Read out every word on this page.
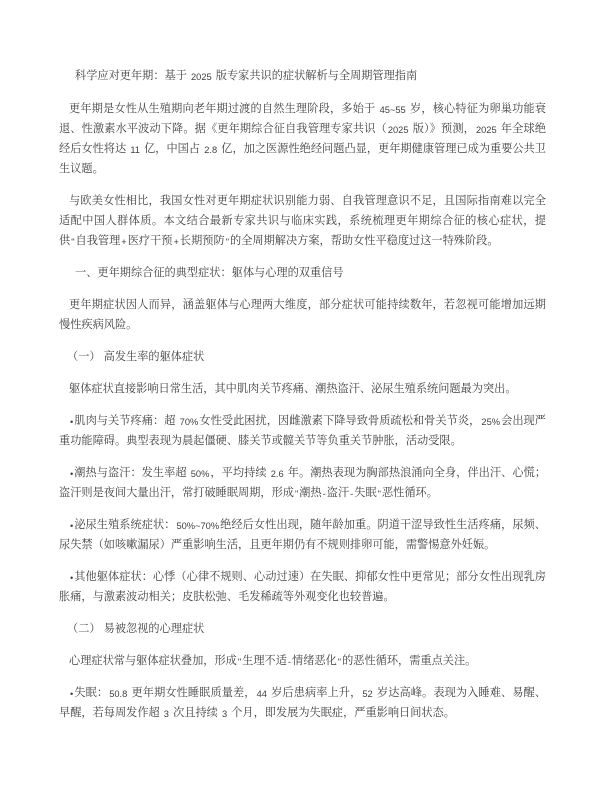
科学应对更年期：基于 2025 版专家共识的症状解析与全周期管理指南

更年期是女性从生殖期向老年期过渡的自然生理阶段，多始于 45~55 岁，核心特征为卵巢功能衰退、性激素水平波动下降。据《更年期综合征自我管理专家共识（2025 版）》预测，2025 年全球绝经后女性将达 11 亿，中国占 2.8 亿，加之医源性绝经问题凸显，更年期健康管理已成为重要公共卫生议题。

与欧美女性相比，我国女性对更年期症状识别能力弱、自我管理意识不足，且国际指南难以完全适配中国人群体质。本文结合最新专家共识与临床实践，系统梳理更年期综合征的核心症状，提供"自我管理+医疗干预+长期预防"的全周期解决方案，帮助女性平稳度过这一特殊阶段。

一、更年期综合征的典型症状：躯体与心理的双重信号

更年期症状因人而异，涵盖躯体与心理两大维度，部分症状可能持续数年，若忽视可能增加远期慢性疾病风险。

（一） 高发生率的躯体症状

躯体症状直接影响日常生活，其中肌肉关节疼痛、潮热盗汗、泌尿生殖系统问题最为突出。

•肌肉与关节疼痛：超 70%女性受此困扰，因雌激素下降导致骨质疏松和骨关节炎，25%会出现严重功能障碍。典型表现为晨起僵硬、膝关节或髋关节等负重关节肿胀，活动受限。

•潮热与盗汗：发生率超 50%，平均持续 2.6 年。潮热表现为胸部热浪涌向全身，伴出汗、心慌；盗汗则是夜间大量出汗，常打破睡眠周期，形成"潮热-盗汗-失眠"恶性循环。

•泌尿生殖系统症状：50%~70%绝经后女性出现，随年龄加重。阴道干涩导致性生活疼痛，尿频、尿失禁（如咳嗽漏尿）严重影响生活，且更年期仍有不规则排卵可能，需警惕意外妊娠。

•其他躯体症状：心悸（心律不规则、心动过速）在失眠、抑郁女性中更常见；部分女性出现乳房胀痛，与激素波动相关；皮肤松弛、毛发稀疏等外观变化也较普遍。

（二） 易被忽视的心理症状

心理症状常与躯体症状叠加，形成"生理不适-情绪恶化"的恶性循环，需重点关注。

•失眠：50.8 更年期女性睡眠质量差，44 岁后患病率上升，52 岁达高峰。表现为入睡难、易醒、早醒，若每周发作超 3 次且持续 3 个月，即发展为失眠症，严重影响日间状态。
